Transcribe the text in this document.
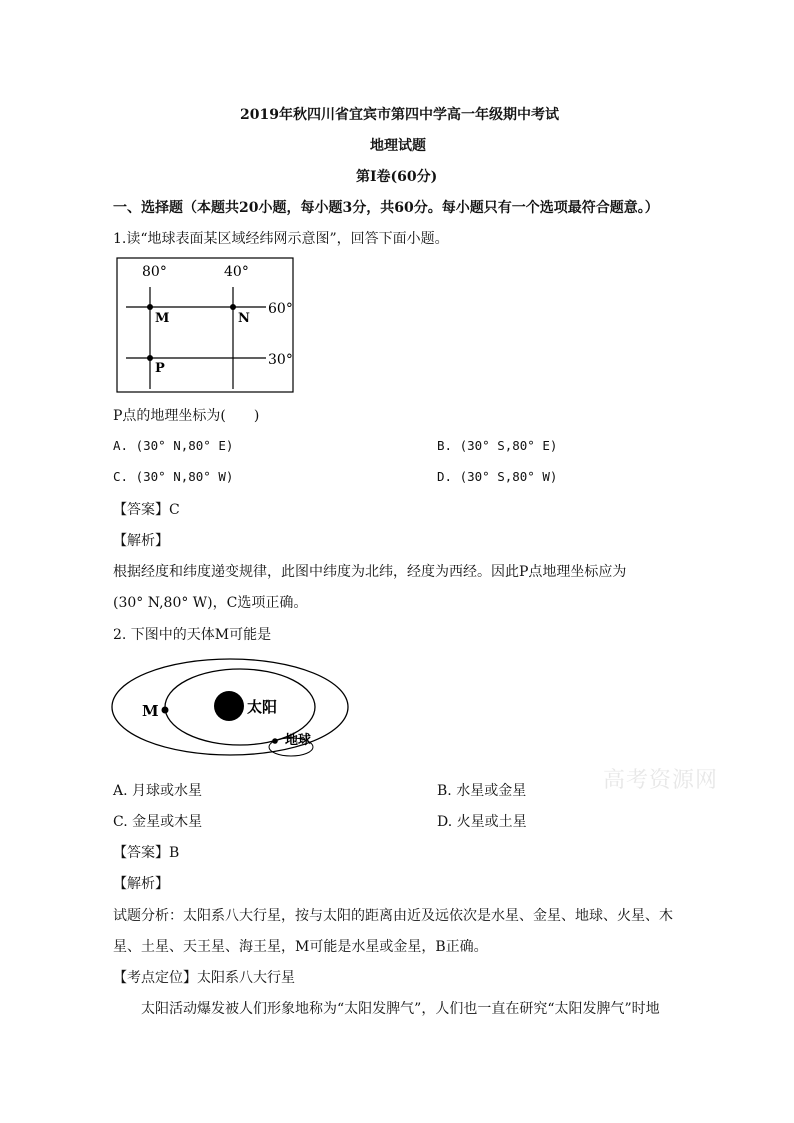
2019年秋四川省宜宾市第四中学高一年级期中考试
地理试题
第Ⅰ卷(60分)
一、选择题（本题共20小题，每小题3分，共60分。每小题只有一个选项最符合题意。）
1.读“地球表面某区域经纬网示意图”，回答下面小题。
80°	40°
60°
30°
M	N
P
P点的地理坐标为(　　)
A. (30° N,80° E)	B. (30° S,80° E)
C. (30° N,80° W)	D. (30° S,80° W)
【答案】C
【解析】
根据经度和纬度递变规律，此图中纬度为北纬，经度为西经。因此P点地理坐标应为
(30° N,80° W)，C选项正确。
2. 下图中的天体M可能是
太阳
M
地球
A. 月球或水星	B. 水星或金星
C. 金星或木星	D. 火星或土星
高考资源网
【答案】B
【解析】
试题分析：太阳系八大行星，按与太阳的距离由近及远依次是水星、金星、地球、火星、木
星、土星、天王星、海王星，M可能是水星或金星，B正确。
【考点定位】太阳系八大行星
太阳活动爆发被人们形象地称为“太阳发脾气”，人们也一直在研究“太阳发脾气”时地
